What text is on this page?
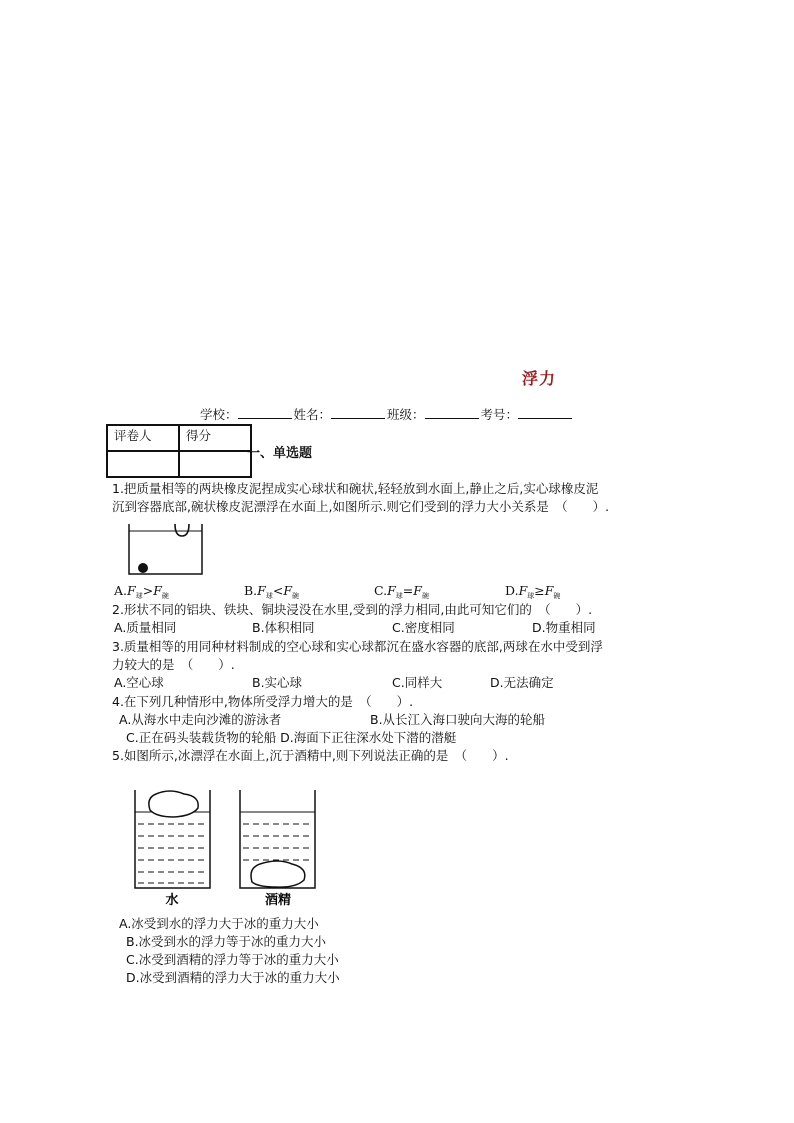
浮力
学校：	姓名：	班级：	考号：
评卷人	得分

一、单选题
1.把质量相等的两块橡皮泥捏成实心球状和碗状,轻轻放到水面上,静止之后,实心球橡皮泥
沉到容器底部,碗状橡皮泥漂浮在水面上,如图所示.则它们受到的浮力大小关系是　（　　）.
$A.F_球>F_碗$	$B.F_球<F_碗$	$C.F_球=F_碗$	$D.F_球\ge F_碗$
2.形状不同的铝块、铁块、铜块浸没在水里,受到的浮力相同,由此可知它们的　（　　）.
A.质量相同	B.体积相同	C.密度相同	D.物重相同
3.质量相等的用同种材料制成的空心球和实心球都沉在盛水容器的底部,两球在水中受到浮
力较大的是　（　　）.
A.空心球	B.实心球	C.同样大	D.无法确定
4.在下列几种情形中,物体所受浮力增大的是　（　　）.
A.从海水中走向沙滩的游泳者	B.从长江入海口驶向大海的轮船
C.正在码头装载货物的轮船 D.海面下正往深水处下潜的潜艇
5.如图所示,冰漂浮在水面上,沉于酒精中,则下列说法正确的是　（　　）.
水	酒精
A.冰受到水的浮力大于冰的重力大小
B.冰受到水的浮力等于冰的重力大小
C.冰受到酒精的浮力等于冰的重力大小
D.冰受到酒精的浮力大于冰的重力大小
